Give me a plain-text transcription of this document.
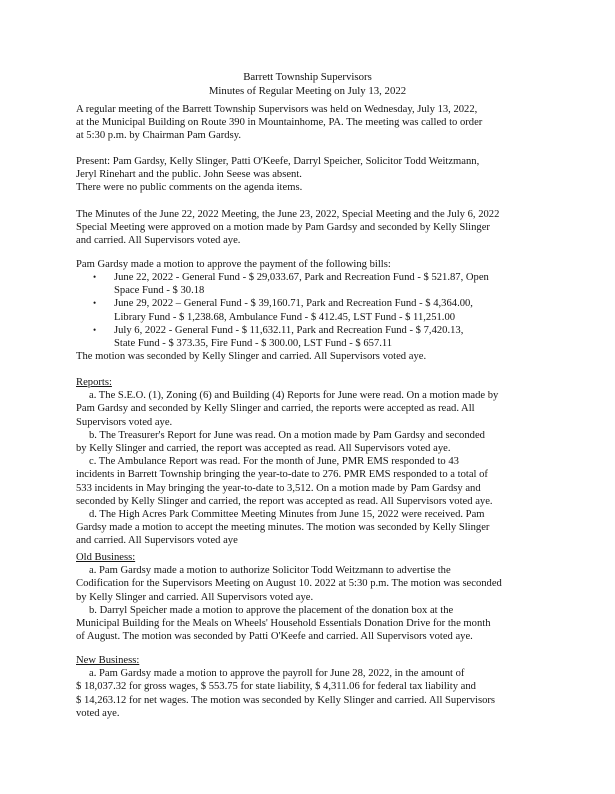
Barrett Township Supervisors
Minutes of Regular Meeting on July 13, 2022
A regular meeting of the Barrett Township Supervisors was held on Wednesday, July 13, 2022,
at the Municipal Building on Route 390 in Mountainhome, PA. The meeting was called to order
at 5:30 p.m. by Chairman Pam Gardsy.
Present: Pam Gardsy, Kelly Slinger, Patti O'Keefe, Darryl Speicher, Solicitor Todd Weitzmann,
Jeryl Rinehart and the public. John Seese was absent.
There were no public comments on the agenda items.
The Minutes of the June 22, 2022 Meeting, the June 23, 2022, Special Meeting and the July 6, 2022
Special Meeting were approved on a motion made by Pam Gardsy and seconded by Kelly Slinger
and carried. All Supervisors voted aye.
Pam Gardsy made a motion to approve the payment of the following bills:
• June 22, 2022 - General Fund - $ 29,033.67, Park and Recreation Fund - $ 521.87, Open
Space Fund - $ 30.18
• June 29, 2022 – General Fund - $ 39,160.71, Park and Recreation Fund - $ 4,364.00,
Library Fund - $ 1,238.68, Ambulance Fund - $ 412.45, LST Fund - $ 11,251.00
• July 6, 2022 - General Fund - $ 11,632.11, Park and Recreation Fund - $ 7,420.13,
State Fund - $ 373.35, Fire Fund - $ 300.00, LST Fund - $ 657.11
The motion was seconded by Kelly Slinger and carried. All Supervisors voted aye.
Reports:
a. The S.E.O. (1), Zoning (6) and Building (4) Reports for June were read. On a motion made by
Pam Gardsy and seconded by Kelly Slinger and carried, the reports were accepted as read. All
Supervisors voted aye.
b. The Treasurer's Report for June was read. On a motion made by Pam Gardsy and seconded
by Kelly Slinger and carried, the report was accepted as read. All Supervisors voted aye.
c. The Ambulance Report was read. For the month of June, PMR EMS responded to 43
incidents in Barrett Township bringing the year-to-date to 276. PMR EMS responded to a total of
533 incidents in May bringing the year-to-date to 3,512. On a motion made by Pam Gardsy and
seconded by Kelly Slinger and carried, the report was accepted as read. All Supervisors voted aye.
d. The High Acres Park Committee Meeting Minutes from June 15, 2022 were received. Pam
Gardsy made a motion to accept the meeting minutes. The motion was seconded by Kelly Slinger
and carried. All Supervisors voted aye
Old Business:
a. Pam Gardsy made a motion to authorize Solicitor Todd Weitzmann to advertise the
Codification for the Supervisors Meeting on August 10. 2022 at 5:30 p.m. The motion was seconded
by Kelly Slinger and carried. All Supervisors voted aye.
b. Darryl Speicher made a motion to approve the placement of the donation box at the
Municipal Building for the Meals on Wheels' Household Essentials Donation Drive for the month
of August. The motion was seconded by Patti O'Keefe and carried. All Supervisors voted aye.
New Business:
a. Pam Gardsy made a motion to approve the payroll for June 28, 2022, in the amount of
$ 18,037.32 for gross wages, $ 553.75 for state liability, $ 4,311.06 for federal tax liability and
$ 14,263.12 for net wages. The motion was seconded by Kelly Slinger and carried. All Supervisors
voted aye.
